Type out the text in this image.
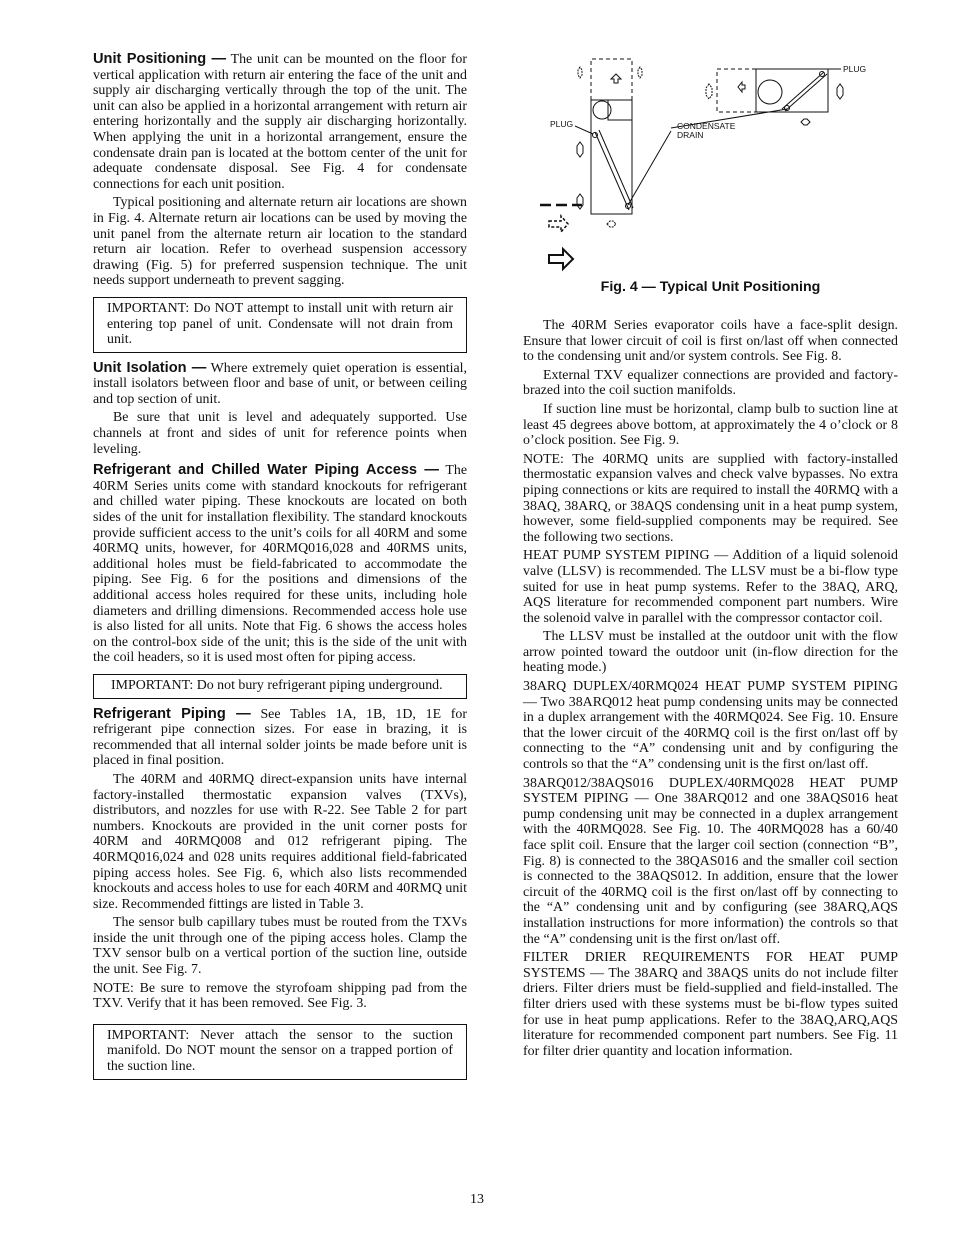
Unit Positioning — The unit can be mounted on the floor for vertical application with return air entering the face of the unit and supply air discharging vertically through the top of the unit. The unit can also be applied in a horizontal arrangement with return air entering horizontally and the supply air discharging horizontally. When applying the unit in a horizontal arrangement, ensure the condensate drain pan is located at the bottom center of the unit for adequate condensate disposal. See Fig. 4 for condensate connections for each unit position.

Typical positioning and alternate return air locations are shown in Fig. 4. Alternate return air locations can be used by moving the unit panel from the alternate return air location to the standard return air location. Refer to overhead suspension accessory drawing (Fig. 5) for preferred suspension technique. The unit needs support underneath to prevent sagging.

IMPORTANT: Do NOT attempt to install unit with return air entering top panel of unit. Condensate will not drain from unit.

Unit Isolation — Where extremely quiet operation is essential, install isolators between floor and base of unit, or between ceiling and top section of unit.

Be sure that unit is level and adequately supported. Use channels at front and sides of unit for reference points when leveling.

Refrigerant and Chilled Water Piping Access — The 40RM Series units come with standard knockouts for refrigerant and chilled water piping. These knockouts are located on both sides of the unit for installation flexibility. The standard knockouts provide sufficient access to the unit’s coils for all 40RM and some 40RMQ units, however, for 40RMQ016,028 and 40RMS units, additional holes must be field-fabricated to accommodate the piping. See Fig. 6 for the positions and dimensions of the additional access holes required for these units, including hole diameters and drilling dimensions. Recommended access hole use is also listed for all units. Note that Fig. 6 shows the access holes on the control-box side of the unit; this is the side of the unit with the coil headers, so it is used most often for piping access.

IMPORTANT: Do not bury refrigerant piping underground.

Refrigerant Piping — See Tables 1A, 1B, 1D, 1E for refrigerant pipe connection sizes. For ease in brazing, it is recommended that all internal solder joints be made before unit is placed in final position.

The 40RM and 40RMQ direct-expansion units have internal factory-installed thermostatic expansion valves (TXVs), distributors, and nozzles for use with R-22. See Table 2 for part numbers. Knockouts are provided in the unit corner posts for 40RM and 40RMQ008 and 012 refrigerant piping. The 40RMQ016,024 and 028 units requires additional field-fabricated piping access holes. See Fig. 6, which also lists recommended knockouts and access holes to use for each 40RM and 40RMQ unit size. Recommended fittings are listed in Table 3.

The sensor bulb capillary tubes must be routed from the TXVs inside the unit through one of the piping access holes. Clamp the TXV sensor bulb on a vertical portion of the suction line, outside the unit. See Fig. 7.

NOTE: Be sure to remove the styrofoam shipping pad from the TXV. Verify that it has been removed. See Fig. 3.

IMPORTANT: Never attach the sensor to the suction manifold. Do NOT mount the sensor on a trapped portion of the suction line.

PLUG
PLUG	CONDENSATE
DRAIN

Fig. 4 — Typical Unit Positioning

The 40RM Series evaporator coils have a face-split design. Ensure that lower circuit of coil is first on/last off when connected to the condensing unit and/or system controls. See Fig. 8.

External TXV equalizer connections are provided and factory-brazed into the coil suction manifolds.

If suction line must be horizontal, clamp bulb to suction line at least 45 degrees above bottom, at approximately the 4 o’clock or 8 o’clock position. See Fig. 9.

NOTE: The 40RMQ units are supplied with factory-installed thermostatic expansion valves and check valve bypasses. No extra piping connections or kits are required to install the 40RMQ with a 38AQ, 38ARQ, or 38AQS condensing unit in a heat pump system, however, some field-supplied components may be required. See the following two sections.

HEAT PUMP SYSTEM PIPING — Addition of a liquid solenoid valve (LLSV) is recommended. The LLSV must be a bi-flow type suited for use in heat pump systems. Refer to the 38AQ, ARQ, AQS literature for recommended component part numbers. Wire the solenoid valve in parallel with the compressor contactor coil.

The LLSV must be installed at the outdoor unit with the flow arrow pointed toward the outdoor unit (in-flow direction for the heating mode.)

38ARQ DUPLEX/40RMQ024 HEAT PUMP SYSTEM PIPING — Two 38ARQ012 heat pump condensing units may be connected in a duplex arrangement with the 40RMQ024. See Fig. 10. Ensure that the lower circuit of the 40RMQ coil is the first on/last off by connecting to the “A” condensing unit and by configuring the controls so that the “A” condensing unit is the first on/last off.

38ARQ012/38AQS016 DUPLEX/40RMQ028 HEAT PUMP SYSTEM PIPING — One 38ARQ012 and one 38AQS016 heat pump condensing unit may be connected in a duplex arrangement with the 40RMQ028. See Fig. 10. The 40RMQ028 has a 60/40 face split coil. Ensure that the larger coil section (connection “B”, Fig. 8) is connected to the 38QAS016 and the smaller coil section is connected to the 38AQS012. In addition, ensure that the lower circuit of the 40RMQ coil is the first on/last off by connecting to the “A” condensing unit and by configuring (see 38ARQ,AQS installation instructions for more information) the controls so that the “A” condensing unit is the first on/last off.

FILTER DRIER REQUIREMENTS FOR HEAT PUMP SYSTEMS — The 38ARQ and 38AQS units do not include filter driers. Filter driers must be field-supplied and field-installed. The filter driers used with these systems must be bi-flow types suited for use in heat pump applications. Refer to the 38AQ,ARQ,AQS literature for recommended component part numbers. See Fig. 11 for filter drier quantity and location information.

13
